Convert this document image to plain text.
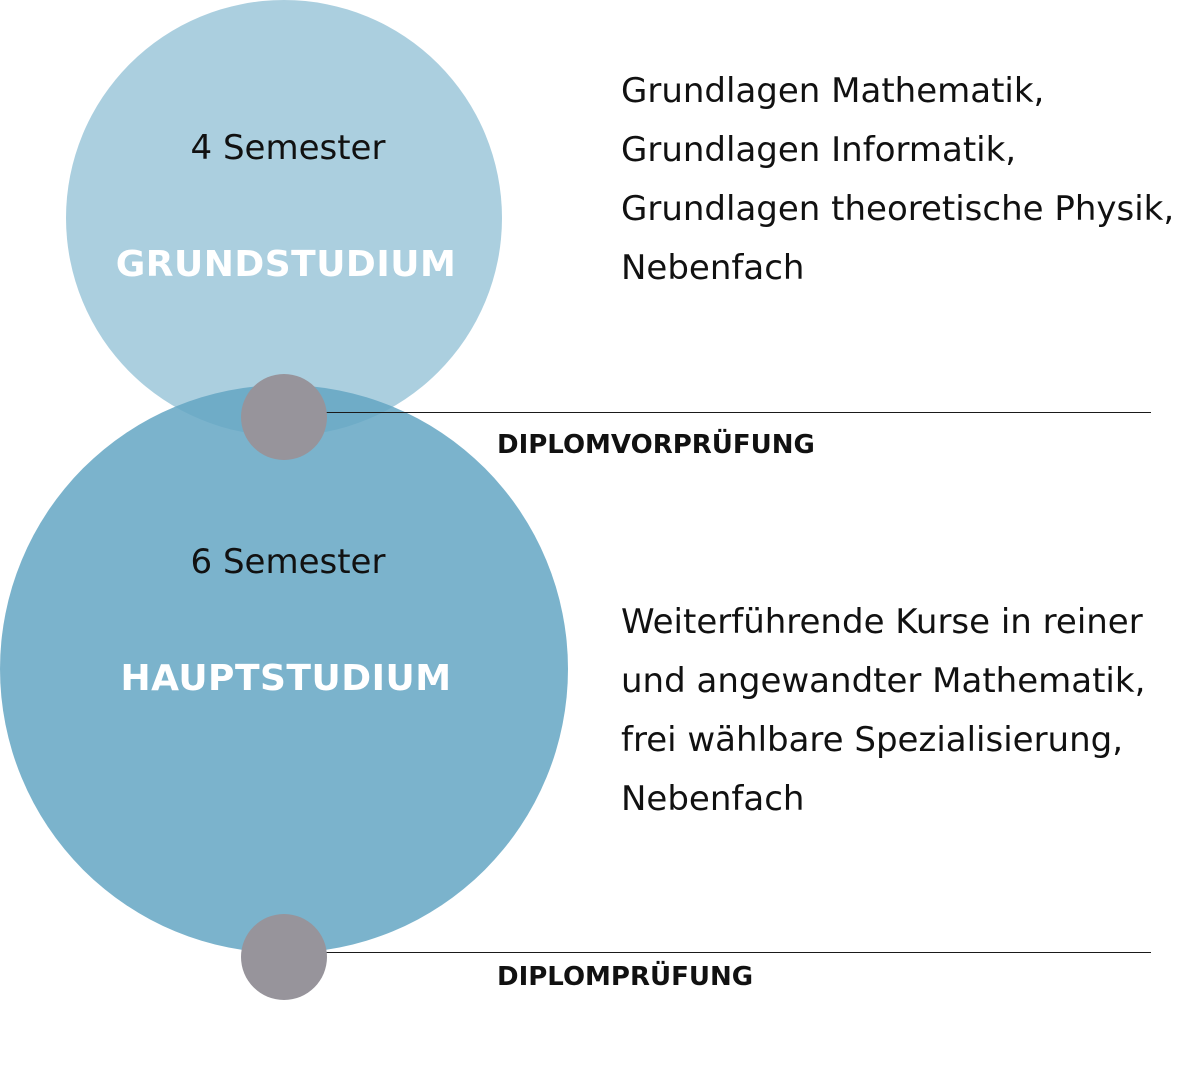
4 Semester
GRUNDSTUDIUM
6 Semester
HAUPTSTUDIUM
DIPLOMVORPRÜFUNG
DIPLOMPRÜFUNG
Grundlagen Mathematik,
Grundlagen Informatik,
Grundlagen theoretische Physik,
Nebenfach
Weiterführende Kurse in reiner
und angewandter Mathematik,
frei wählbare Spezialisierung,
Nebenfach
